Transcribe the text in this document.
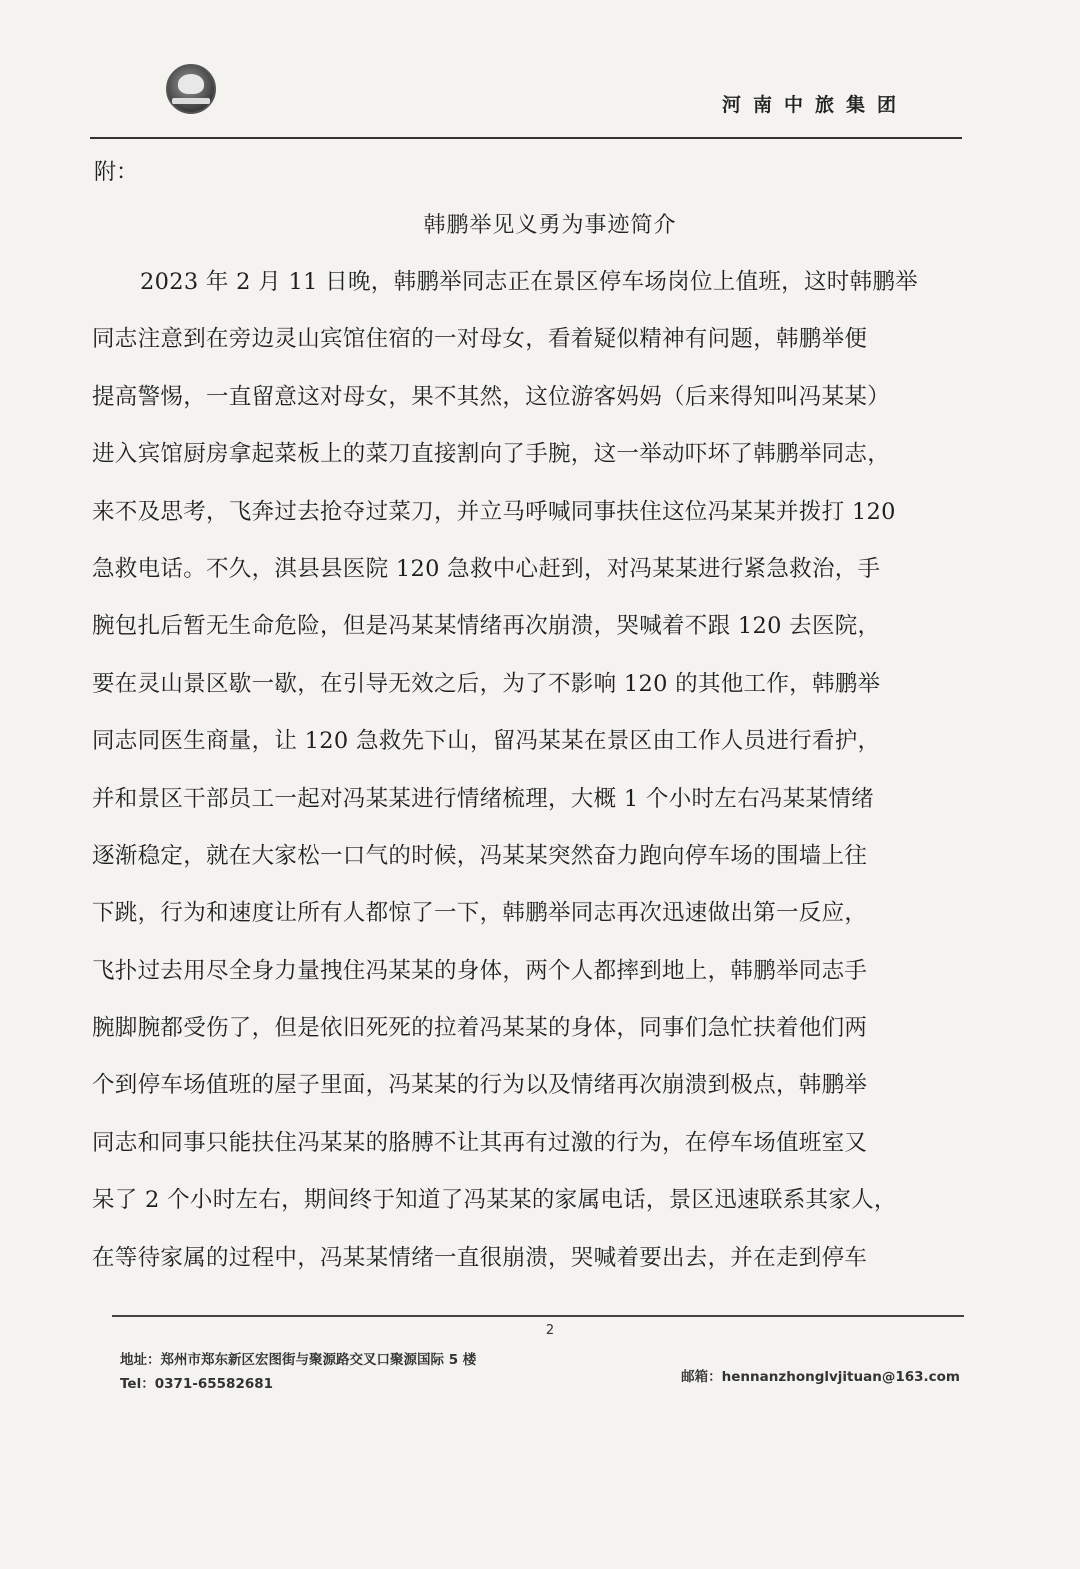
河南中旅集团
附：
韩鹏举见义勇为事迹简介
2023 年 2 月 11 日晚，韩鹏举同志正在景区停车场岗位上值班，这时韩鹏举
同志注意到在旁边灵山宾馆住宿的一对母女，看着疑似精神有问题，韩鹏举便
提高警惕，一直留意这对母女，果不其然，这位游客妈妈（后来得知叫冯某某）
进入宾馆厨房拿起菜板上的菜刀直接割向了手腕，这一举动吓坏了韩鹏举同志，
来不及思考，飞奔过去抢夺过菜刀，并立马呼喊同事扶住这位冯某某并拨打 120
急救电话。不久，淇县县医院 120 急救中心赶到，对冯某某进行紧急救治，手
腕包扎后暂无生命危险，但是冯某某情绪再次崩溃，哭喊着不跟 120 去医院，
要在灵山景区歇一歇，在引导无效之后，为了不影响 120 的其他工作，韩鹏举
同志同医生商量，让 120 急救先下山，留冯某某在景区由工作人员进行看护，
并和景区干部员工一起对冯某某进行情绪梳理，大概 1 个小时左右冯某某情绪
逐渐稳定，就在大家松一口气的时候，冯某某突然奋力跑向停车场的围墙上往
下跳，行为和速度让所有人都惊了一下，韩鹏举同志再次迅速做出第一反应，
飞扑过去用尽全身力量拽住冯某某的身体，两个人都摔到地上，韩鹏举同志手
腕脚腕都受伤了，但是依旧死死的拉着冯某某的身体，同事们急忙扶着他们两
个到停车场值班的屋子里面，冯某某的行为以及情绪再次崩溃到极点，韩鹏举
同志和同事只能扶住冯某某的胳膊不让其再有过激的行为，在停车场值班室又
呆了 2 个小时左右，期间终于知道了冯某某的家属电话，景区迅速联系其家人，
在等待家属的过程中，冯某某情绪一直很崩溃，哭喊着要出去，并在走到停车
2
地址：郑州市郑东新区宏图街与聚源路交叉口聚源国际 5 楼
Tel：0371-65582681	邮箱：hennanzhonglvjituan@163.com
